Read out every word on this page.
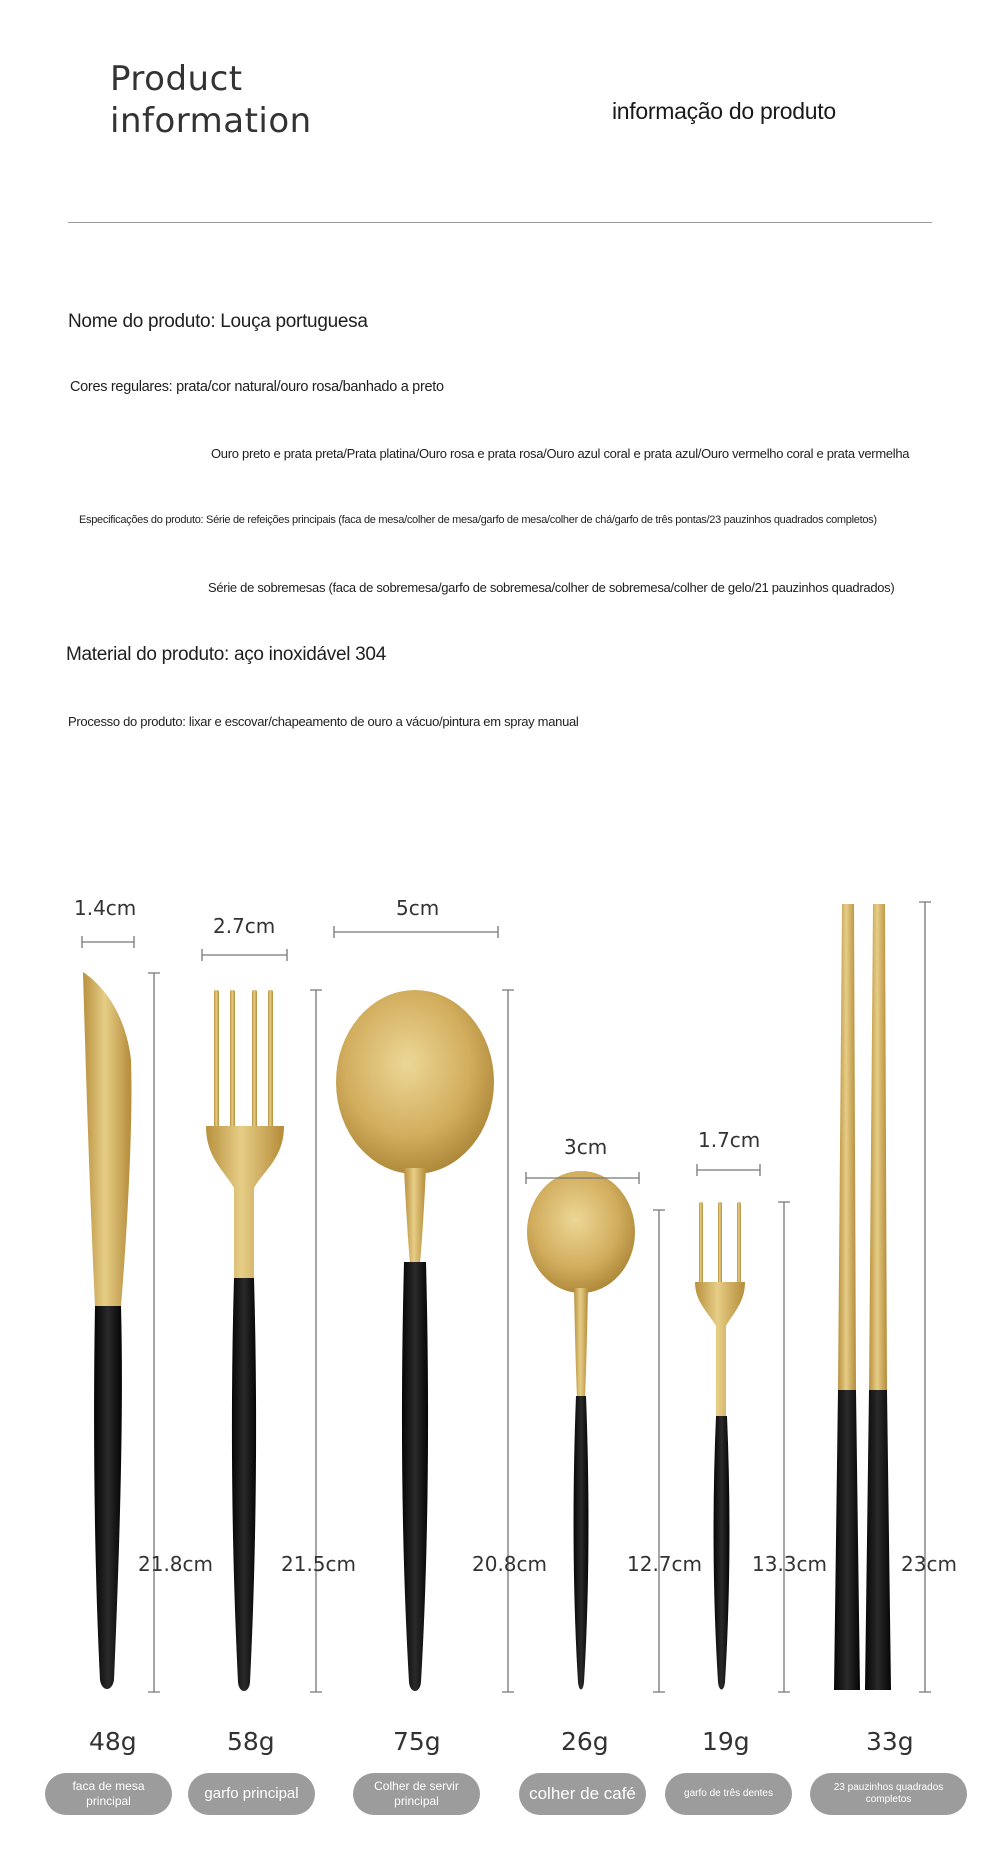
Product
information	informação do produto
Nome do produto: Louça portuguesa
Cores regulares: prata/cor natural/ouro rosa/banhado a preto
Ouro preto e prata preta/Prata platina/Ouro rosa e prata rosa/Ouro azul coral e prata azul/Ouro vermelho coral e prata vermelha
Especificações do produto: Série de refeições principais (faca de mesa/colher de mesa/garfo de mesa/colher de chá/garfo de três pontas/23 pauzinhos quadrados completos)
Série de sobremesas (faca de sobremesa/garfo de sobremesa/colher de sobremesa/colher de gelo/21 pauzinhos quadrados)
Material do produto: aço inoxidável 304
Processo do produto: lixar e escovar/chapeamento de ouro a vácuo/pintura em spray manual
1.4cm
2.7cm
5cm
3cm	1.7cm
21.8cm	21.5cm	20.8cm	12.7cm 13.3cm	23cm
48g	58g	75g	26g	19g	33g
faca de mesa
principal	garfo principal	Colher de servir
principal	colher de café	garfo de três dentes
23 pauzinhos quadrados completos
